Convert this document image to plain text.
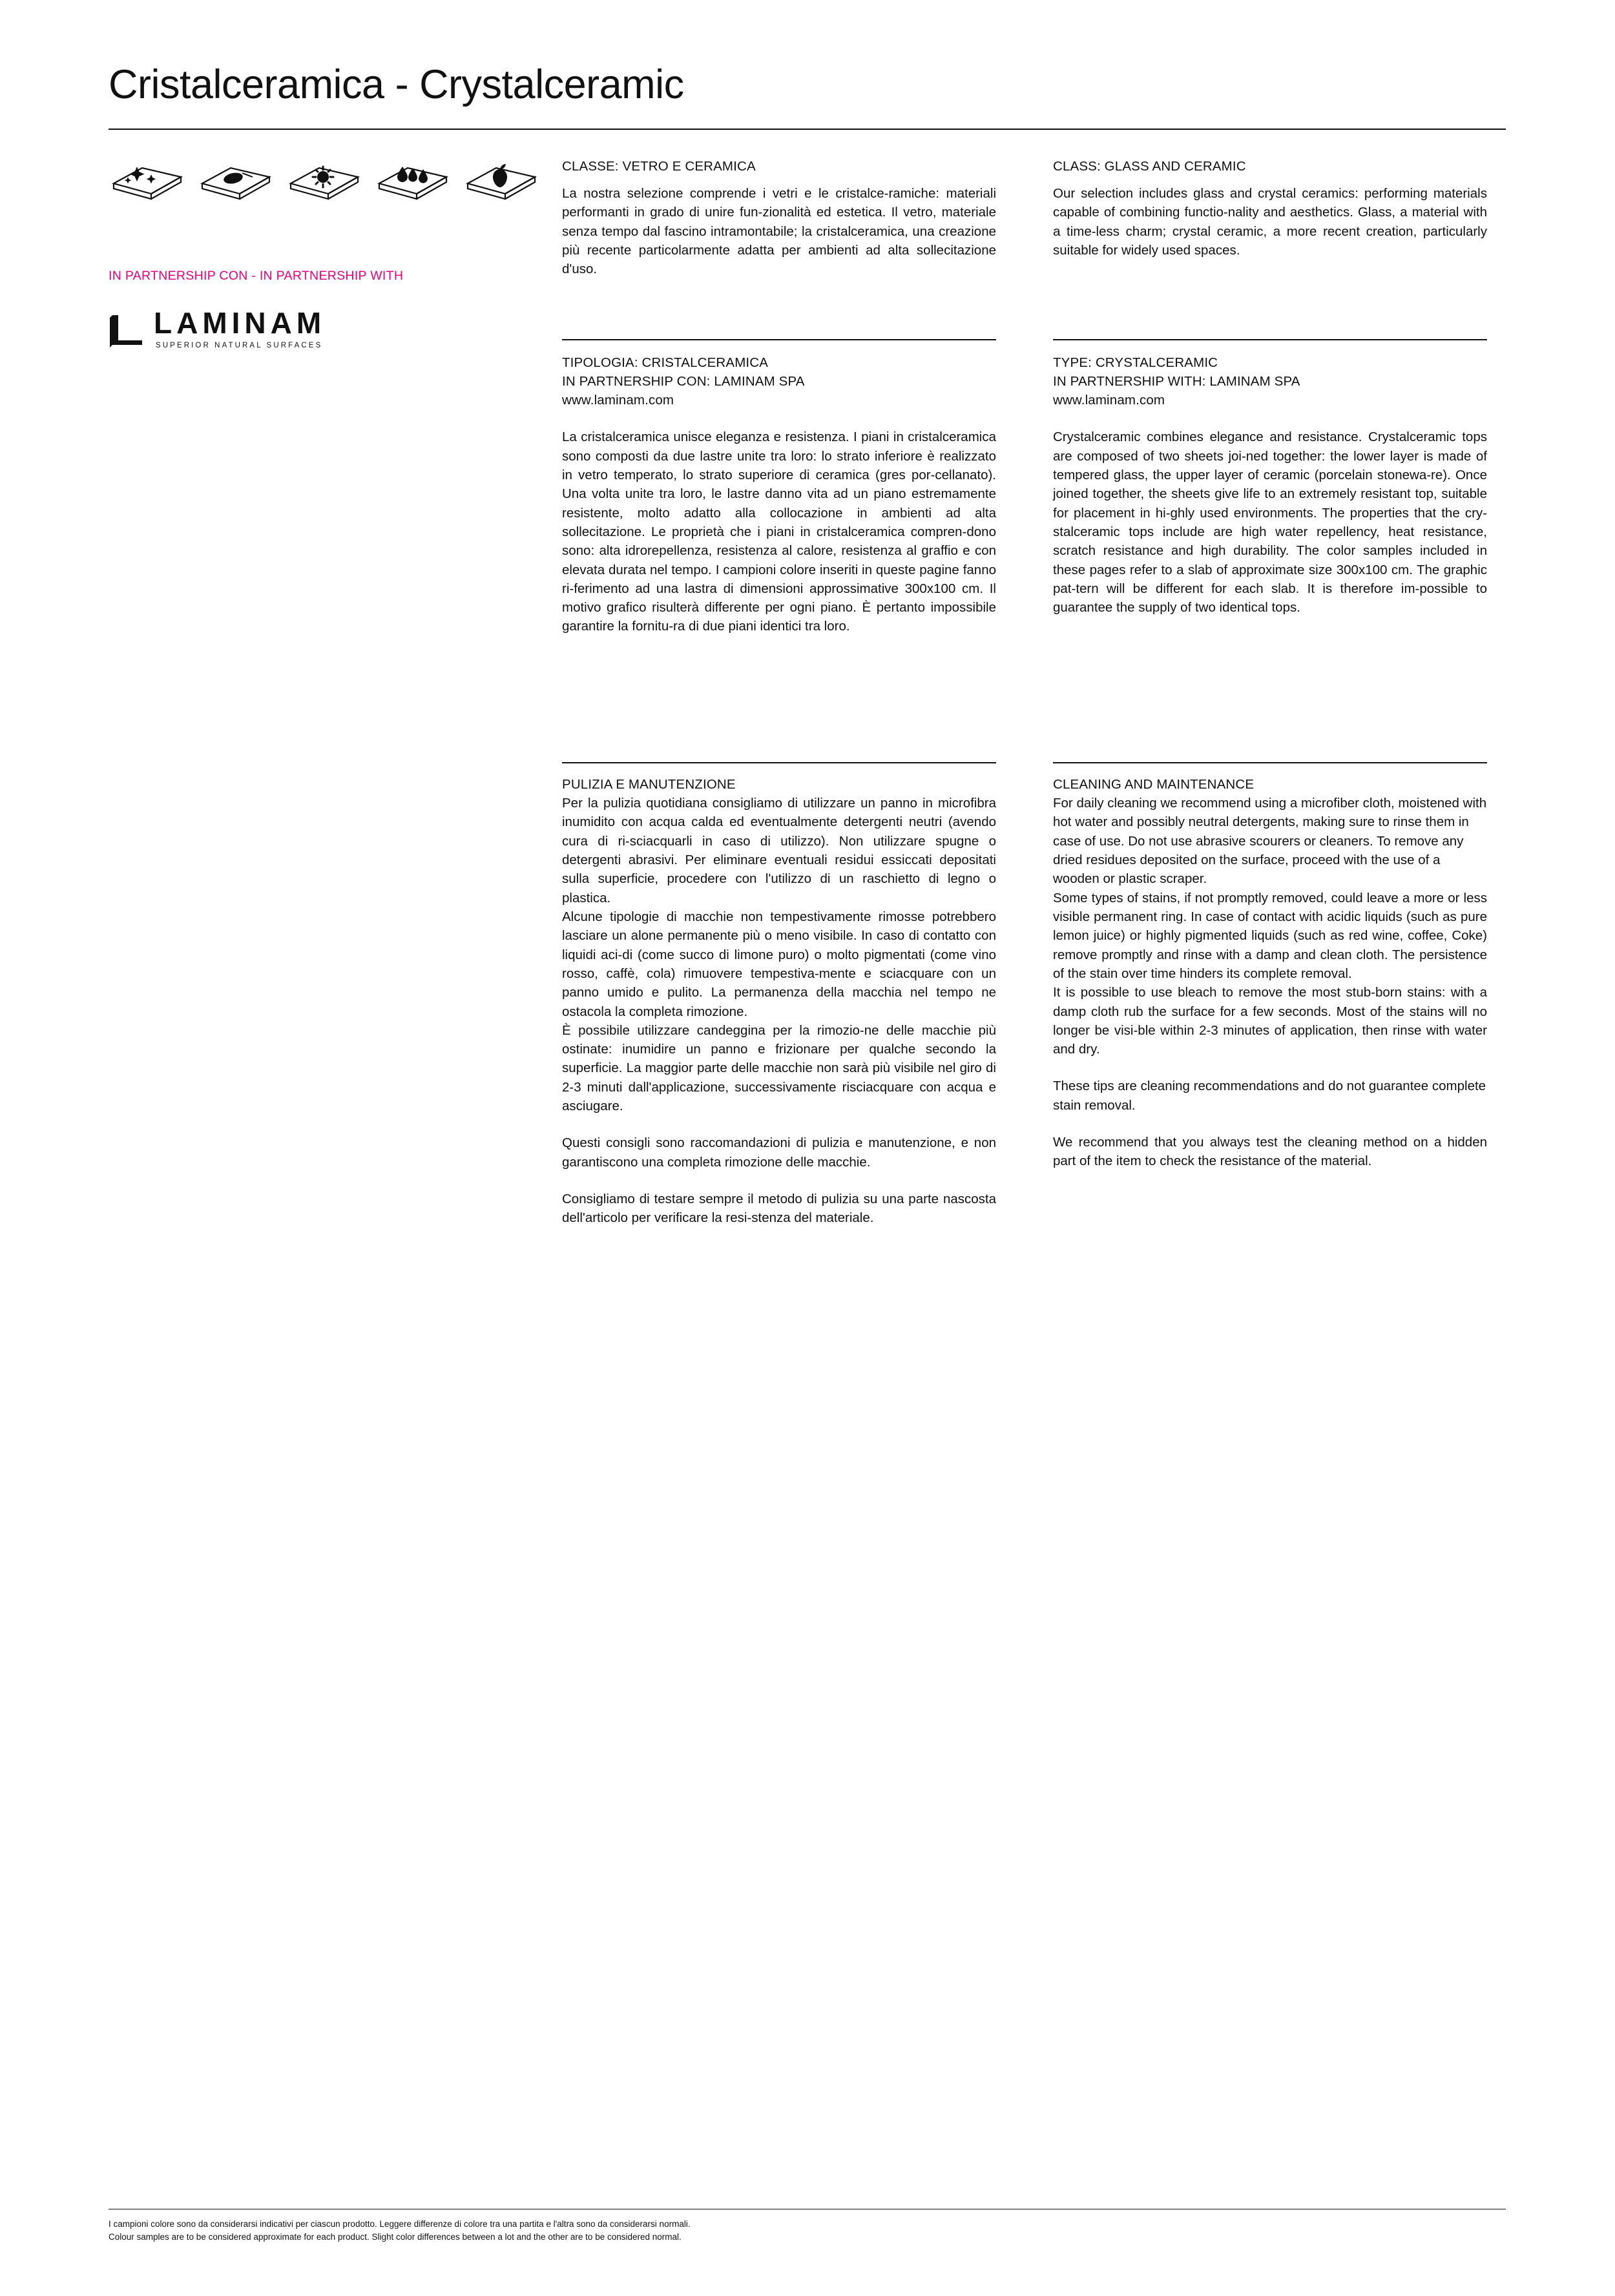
Cristalceramica - Crystalceramic
IN PARTNERSHIP CON - IN PARTNERSHIP WITH
LAMINAM
SUPERIOR NATURAL SURFACES

CLASSE: VETRO E CERAMICA

La nostra selezione comprende i vetri e le cristalce-ramiche: materiali performanti in grado di unire fun-zionalità ed estetica. Il vetro, materiale senza tempo dal fascino intramontabile; la cristalceramica, una creazione più recente particolarmente adatta per ambienti ad alta sollecitazione d'uso.

TIPOLOGIA: CRISTALCERAMICA

IN PARTNERSHIP CON: LAMINAM SPA

www.laminam.com

La cristalceramica unisce eleganza e resistenza. I piani in cristalceramica sono composti da due lastre unite tra loro: lo strato inferiore è realizzato in vetro temperato, lo strato superiore di ceramica (gres por-cellanato). Una volta unite tra loro, le lastre danno vita ad un piano estremamente resistente, molto adatto alla collocazione in ambienti ad alta sollecitazione. Le proprietà che i piani in cristalceramica compren-dono sono: alta idrorepellenza, resistenza al calore, resistenza al graffio e con elevata durata nel tempo. I campioni colore inseriti in queste pagine fanno ri-ferimento ad una lastra di dimensioni approssimative 300x100 cm. Il motivo grafico risulterà differente per ogni piano. È pertanto impossibile garantire la fornitu-ra di due piani identici tra loro.

PULIZIA E MANUTENZIONE

Per la pulizia quotidiana consigliamo di utilizzare un panno in microfibra inumidito con acqua calda ed eventualmente detergenti neutri (avendo cura di ri-sciacquarli in caso di utilizzo). Non utilizzare spugne o detergenti abrasivi. Per eliminare eventuali residui essiccati depositati sulla superficie, procedere con l'utilizzo di un raschietto di legno o plastica.

Alcune tipologie di macchie non tempestivamente rimosse potrebbero lasciare un alone permanente più o meno visibile. In caso di contatto con liquidi aci-di (come succo di limone puro) o molto pigmentati (come vino rosso, caffè, cola) rimuovere tempestiva-mente e sciacquare con un panno umido e pulito. La permanenza della macchia nel tempo ne ostacola la completa rimozione.

È possibile utilizzare candeggina per la rimozio-ne delle macchie più ostinate: inumidire un panno e frizionare per qualche secondo la superficie. La maggior parte delle macchie non sarà più visibile nel giro di 2-3 minuti dall'applicazione, successivamente risciacquare con acqua e asciugare.

Questi consigli sono raccomandazioni di pulizia e manutenzione, e non garantiscono una completa rimozione delle macchie.

Consigliamo di testare sempre il metodo di pulizia su una parte nascosta dell'articolo per verificare la resi-stenza del materiale.

CLASS: GLASS AND CERAMIC

Our selection includes glass and crystal ceramics: performing materials capable of combining functio-nality and aesthetics. Glass, a material with a time-less charm; crystal ceramic, a more recent creation, particularly suitable for widely used spaces.

TYPE: CRYSTALCERAMIC

IN PARTNERSHIP WITH: LAMINAM SPA

www.laminam.com

Crystalceramic combines elegance and resistance. Crystalceramic tops are composed of two sheets joi-ned together: the lower layer is made of tempered glass, the upper layer of ceramic (porcelain stonewa-re). Once joined together, the sheets give life to an extremely resistant top, suitable for placement in hi-ghly used environments. The properties that the cry-stalceramic tops include are high water repellency, heat resistance, scratch resistance and high durability. The color samples included in these pages refer to a slab of approximate size 300x100 cm. The graphic pat-tern will be different for each slab. It is therefore im-possible to guarantee the supply of two identical tops.

CLEANING AND MAINTENANCE

For daily cleaning we recommend using a microfiber cloth, moistened with hot water and possibly neutral detergents, making sure to rinse them in case of use. Do not use abrasive scourers or cleaners. To remove any dried residues deposited on the surface, proceed with the use of a wooden or plastic scraper.

Some types of stains, if not promptly removed, could leave a more or less visible permanent ring. In case of contact with acidic liquids (such as pure lemon juice) or highly pigmented liquids (such as red wine, coffee, Coke) remove promptly and rinse with a damp and clean cloth. The persistence of the stain over time hinders its complete removal.

It is possible to use bleach to remove the most stub-born stains: with a damp cloth rub the surface for a few seconds. Most of the stains will no longer be visi-ble within 2-3 minutes of application, then rinse with water and dry.

These tips are cleaning recommendations and do not guarantee complete stain removal.

We recommend that you always test the cleaning method on a hidden part of the item to check the resistance of the material.

I campioni colore sono da considerarsi indicativi per ciascun prodotto. Leggere differenze di colore tra una partita e l'altra sono da considerarsi normali.
Colour samples are to be considered approximate for each product. Slight color differences between a lot and the other are to be considered normal.
